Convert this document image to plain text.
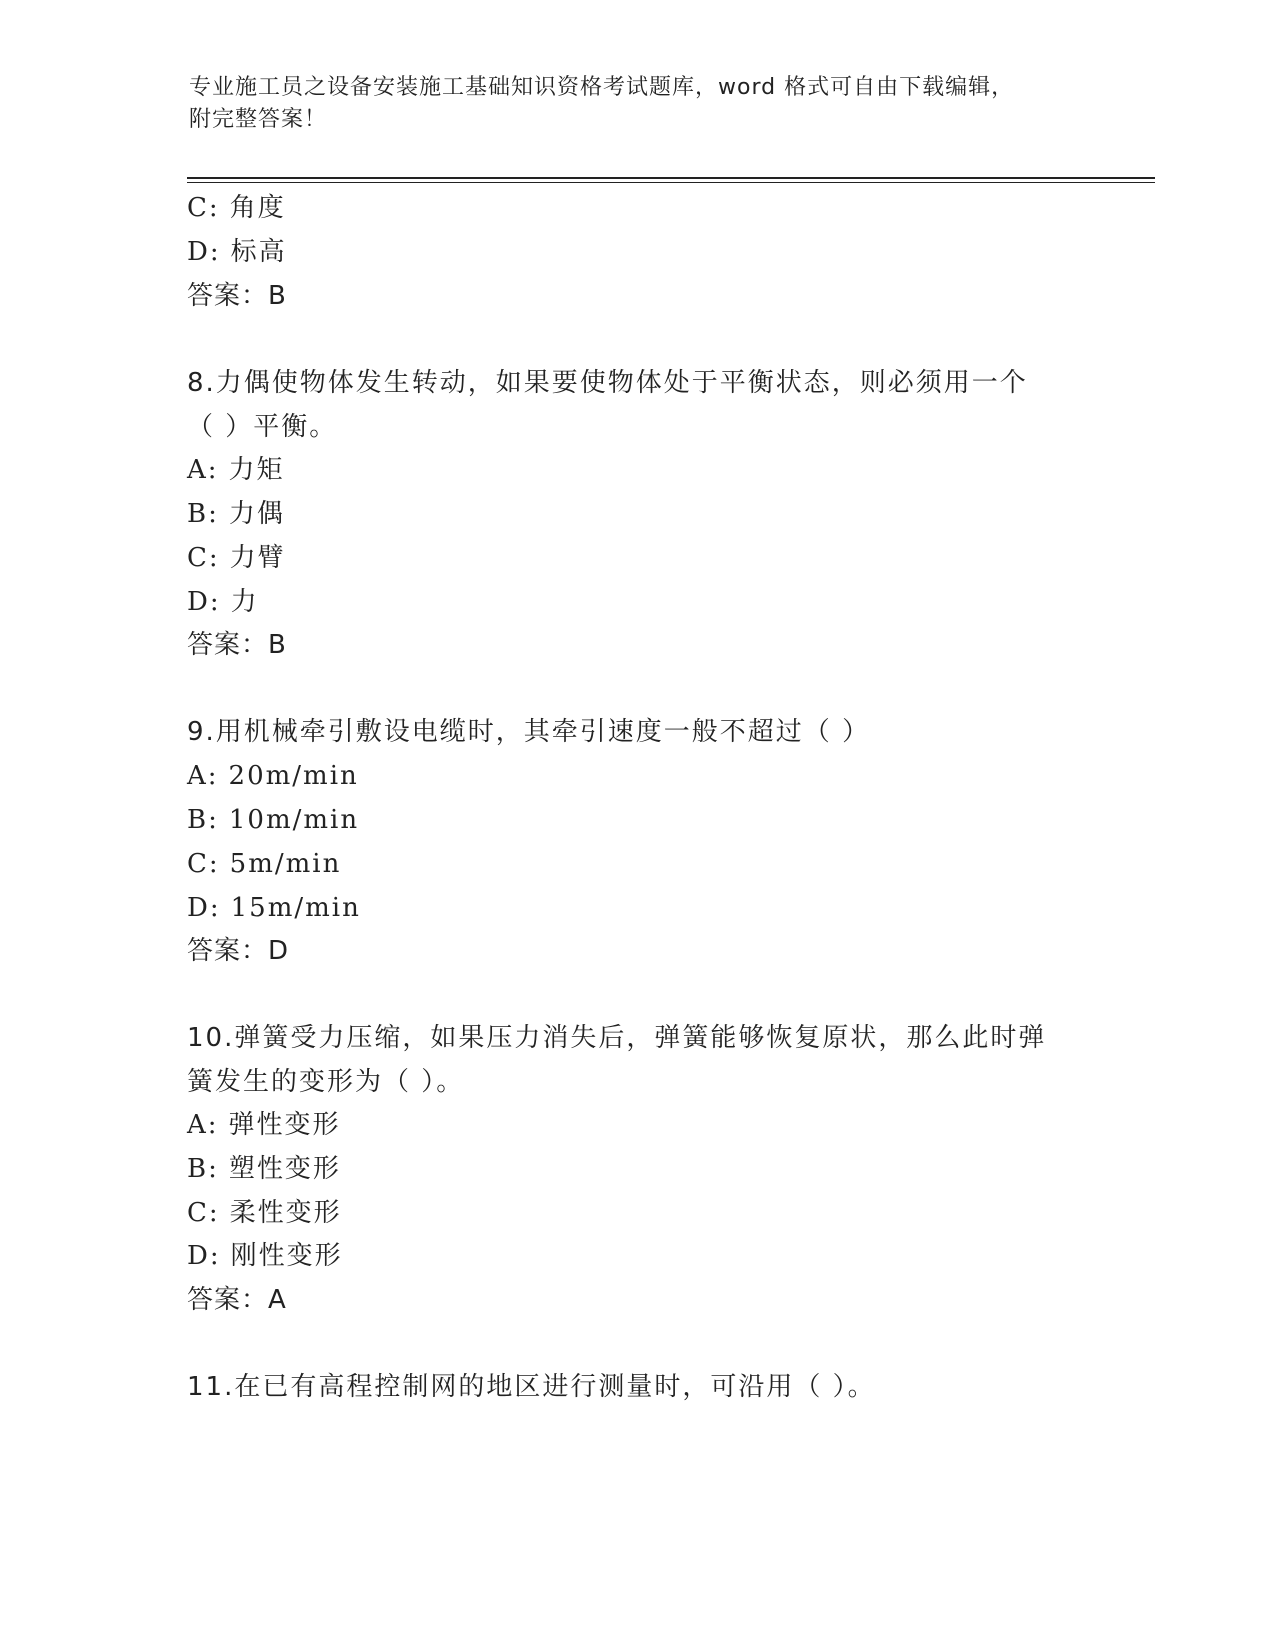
专业施工员之设备安装施工基础知识资格考试题库，word 格式可自由下载编辑，
附完整答案！
C: 角度
D: 标高
答案：B
8.力偶使物体发生转动，如果要使物体处于平衡状态，则必须用一个
（ ）平衡。
A: 力矩
B: 力偶
C: 力臂
D: 力
答案：B
9.用机械牵引敷设电缆时，其牵引速度一般不超过（ ）
A: 20m/min
B: 10m/min
C: 5m/min
D: 15m/min
答案：D
10.弹簧受力压缩，如果压力消失后，弹簧能够恢复原状，那么此时弹
簧发生的变形为（ ）。
A: 弹性变形
B: 塑性变形
C: 柔性变形
D: 刚性变形
答案：A
11.在已有高程控制网的地区进行测量时，可沿用（ ）。
